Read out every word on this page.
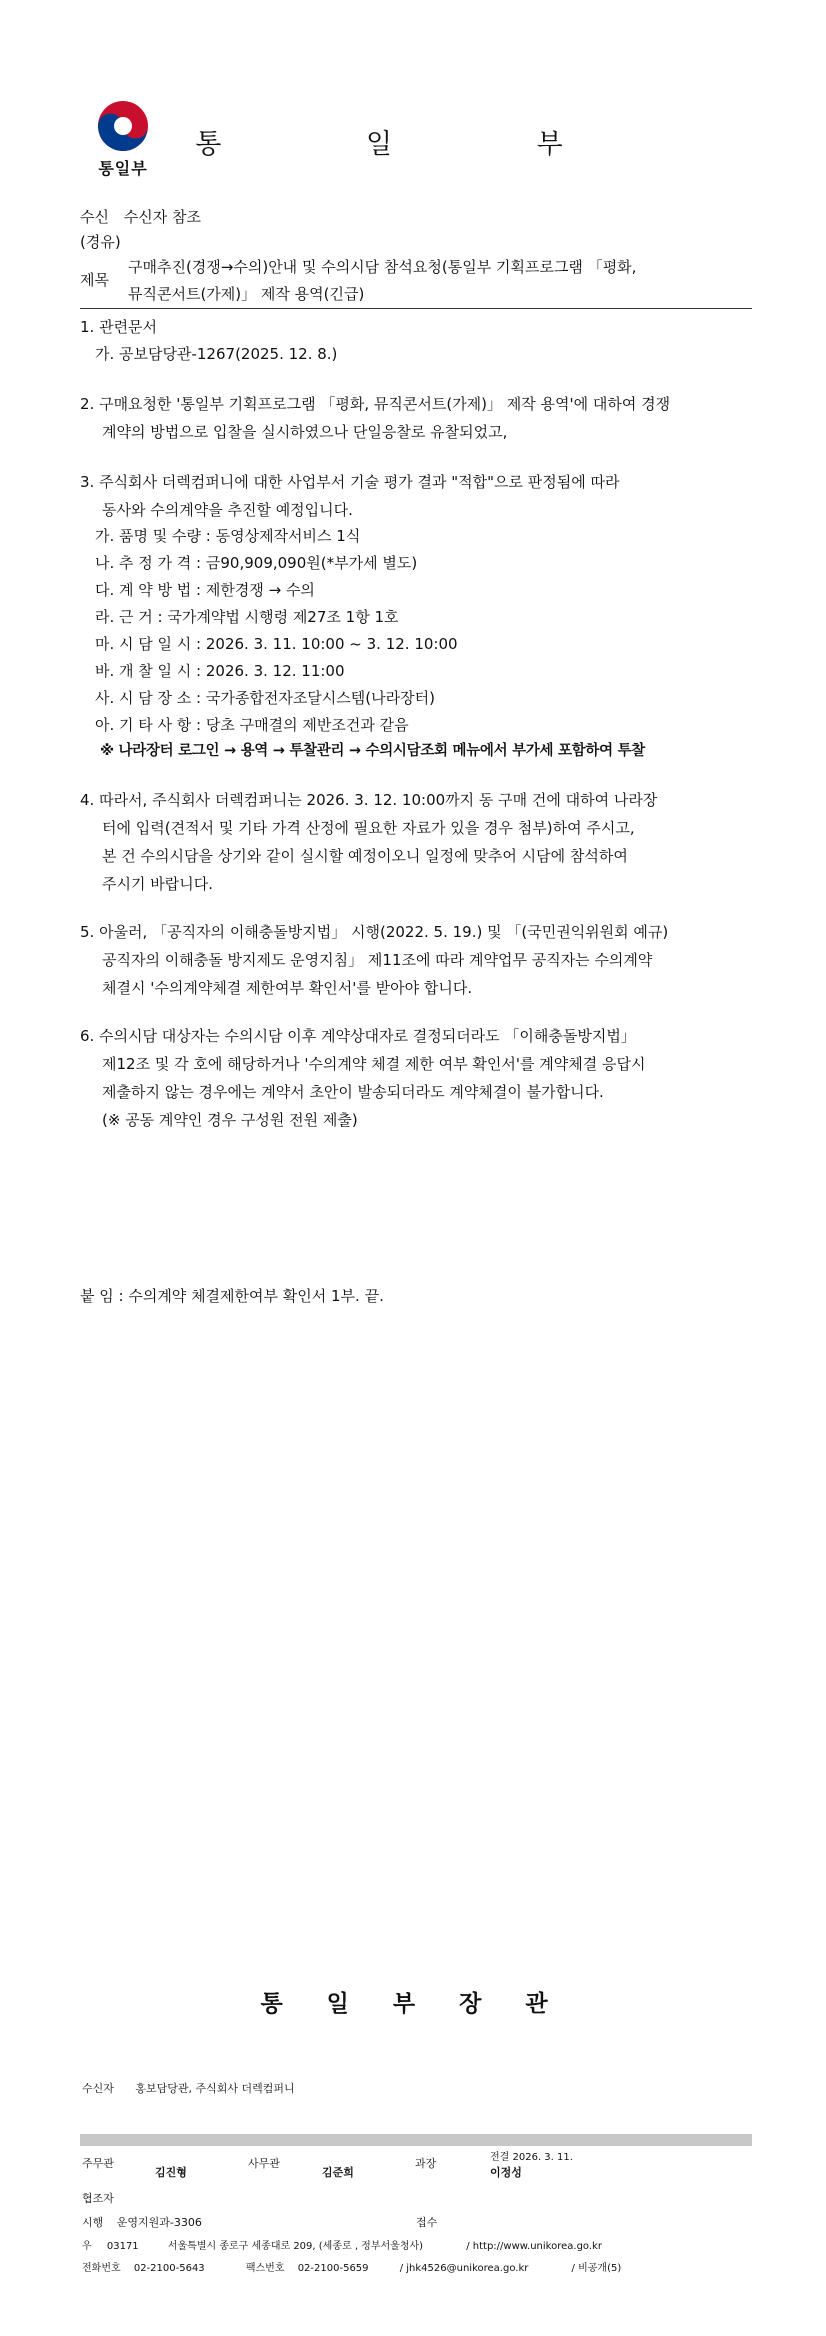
통일부
통 일 부
수신 수신자 참조
(경유)
제목
구매추진(경쟁→수의)안내 및 수의시담 참석요청(통일부 기획프로그램 「평화,
뮤직콘서트(가제)」 제작 용역(긴급)
1. 관련문서
가. 공보담당관-1267(2025. 12. 8.)
2. 구매요청한 '통일부 기획프로그램 「평화, 뮤직콘서트(가제)」 제작 용역'에 대하여 경쟁
계약의 방법으로 입찰을 실시하였으나 단일응찰로 유찰되었고,
3. 주식회사 더렉컴퍼니에 대한 사업부서 기술 평가 결과 "적합"으로 판정됨에 따라
동사와 수의계약을 추진할 예정입니다.
가. 품명 및 수량 : 동영상제작서비스 1식
나. 추 정 가 격 : 금90,909,090원(*부가세 별도)
다. 계 약 방 법 : 제한경쟁 → 수의
라. 근 거 : 국가계약법 시행령 제27조 1항 1호
마. 시 담 일 시 : 2026. 3. 11. 10:00 ~ 3. 12. 10:00
바. 개 찰 일 시 : 2026. 3. 12. 11:00
사. 시 담 장 소 : 국가종합전자조달시스템(나라장터)
아. 기 타 사 항 : 당초 구매결의 제반조건과 같음
※ 나라장터 로그인 → 용역 → 투찰관리 → 수의시담조회 메뉴에서 부가세 포함하여 투찰
4. 따라서, 주식회사 더렉컴퍼니는 2026. 3. 12. 10:00까지 동 구매 건에 대하여 나라장
터에 입력(견적서 및 기타 가격 산정에 필요한 자료가 있을 경우 첨부)하여 주시고,
본 건 수의시담을 상기와 같이 실시할 예정이오니 일정에 맞추어 시담에 참석하여
주시기 바랍니다.
5. 아울러, 「공직자의 이해충돌방지법」 시행(2022. 5. 19.) 및 「(국민권익위원회 예규)
공직자의 이해충돌 방지제도 운영지침」 제11조에 따라 계약업무 공직자는 수의계약
체결시 '수의계약체결 제한여부 확인서'를 받아야 합니다.
6. 수의시담 대상자는 수의시담 이후 계약상대자로 결정되더라도 「이해충돌방지법」
제12조 및 각 호에 해당하거나 '수의계약 체결 제한 여부 확인서'를 계약체결 응답시
제출하지 않는 경우에는 계약서 초안이 발송되더라도 계약체결이 불가합니다.
(※ 공동 계약인 경우 구성원 전원 제출)
붙 임 : 수의계약 체결제한여부 확인서 1부. 끝.
통 일 부 장 관
수신자 홍보담당관, 주식회사 더렉컴퍼니
주무관
김진형
사무관
김준희
과장	전결 2026. 3. 11.
이정성
협조자
시행 운영지원과-3306	접수
우 03171	서울특별시 종로구 세종대로 209, (세종로 , 정부서울청사)	/ http://www.unikorea.go.kr
전화번호 02-2100-5643	팩스번호 02-2100-5659	/ jhk4526@unikorea.go.kr	/ 비공개(5)
